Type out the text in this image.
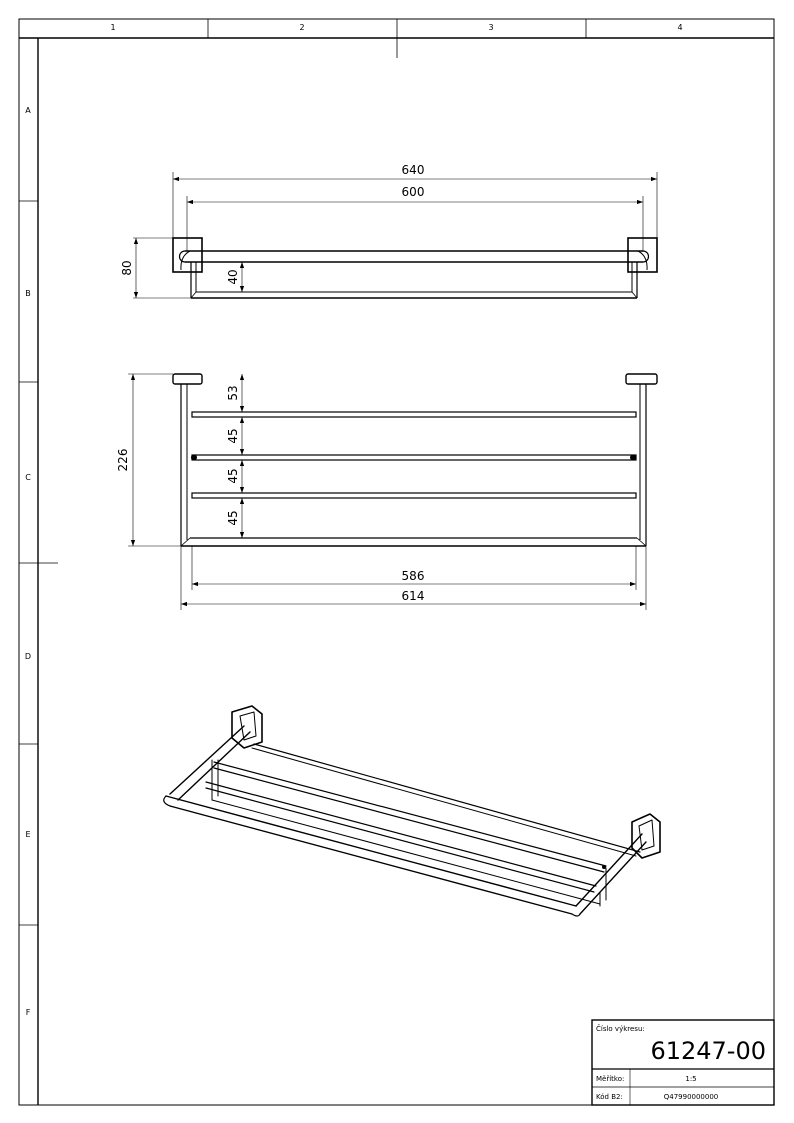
1	2	3	4
A
B
C
D
E
F
640
600
80
40
226
53
45
45
45
586
614
Číslo výkresu:
61247-00
Měřítko:	1:5
Kód B2:	Q47990000000
